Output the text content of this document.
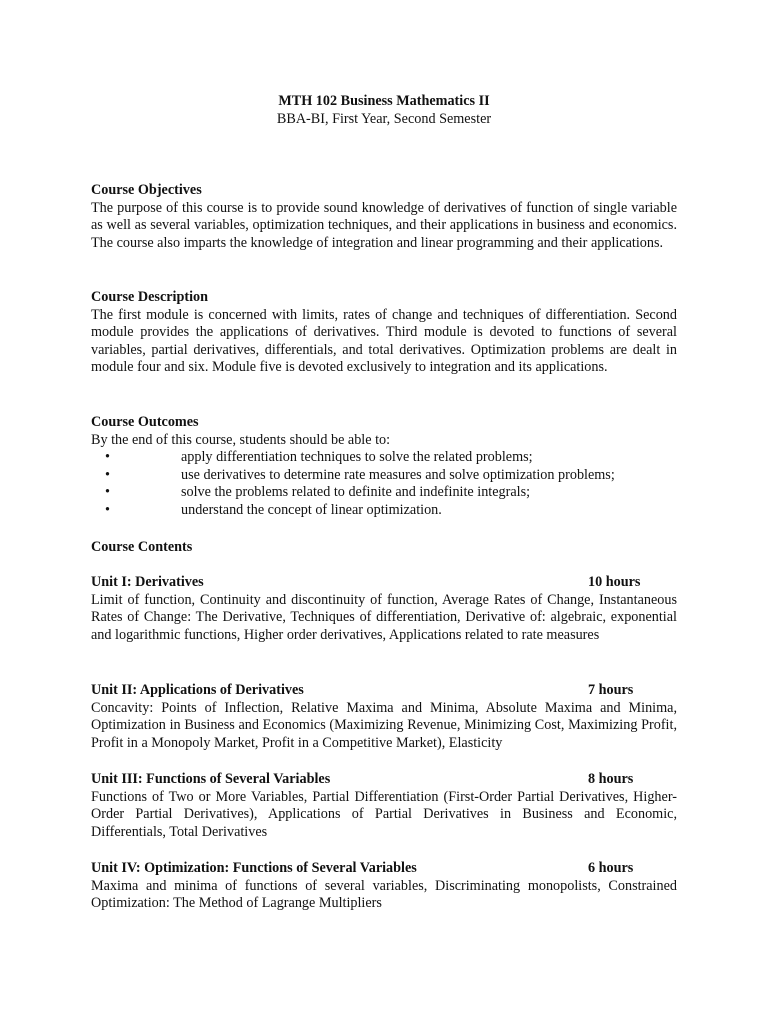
MTH 102 Business Mathematics II
BBA-BI, First Year, Second Semester
Course Objectives
The purpose of this course is to provide sound knowledge of derivatives of function of single variable as well as several variables, optimization techniques, and their applications in business and economics. The course also imparts the knowledge of integration and linear programming and their applications.
Course Description
The first module is concerned with limits, rates of change and techniques of differentiation. Second module provides the applications of derivatives. Third module is devoted to functions of several variables, partial derivatives, differentials, and total derivatives. Optimization problems are dealt in module four and six. Module five is devoted exclusively to integration and its applications.
Course Outcomes
By the end of this course, students should be able to:
•	apply differentiation techniques to solve the related problems;
•	use derivatives to determine rate measures and solve optimization problems;
•	solve the problems related to definite and indefinite integrals;
•	understand the concept of linear optimization.
Course Contents
Unit I: Derivatives	10 hours
Limit of function, Continuity and discontinuity of function, Average Rates of Change, Instantaneous Rates of Change: The Derivative, Techniques of differentiation, Derivative of: algebraic, exponential and logarithmic functions, Higher order derivatives, Applications related to rate measures
Unit II: Applications of Derivatives	7 hours
Concavity: Points of Inflection, Relative Maxima and Minima, Absolute Maxima and Minima, Optimization in Business and Economics (Maximizing Revenue, Minimizing Cost, Maximizing Profit, Profit in a Monopoly Market, Profit in a Competitive Market), Elasticity
Unit III: Functions of Several Variables	8 hours
Functions of Two or More Variables, Partial Differentiation (First-Order Partial Derivatives, Higher-Order Partial Derivatives), Applications of Partial Derivatives in Business and Economic, Differentials, Total Derivatives
Unit IV: Optimization: Functions of Several Variables	6 hours
Maxima and minima of functions of several variables, Discriminating monopolists, Constrained Optimization: The Method of Lagrange Multipliers
